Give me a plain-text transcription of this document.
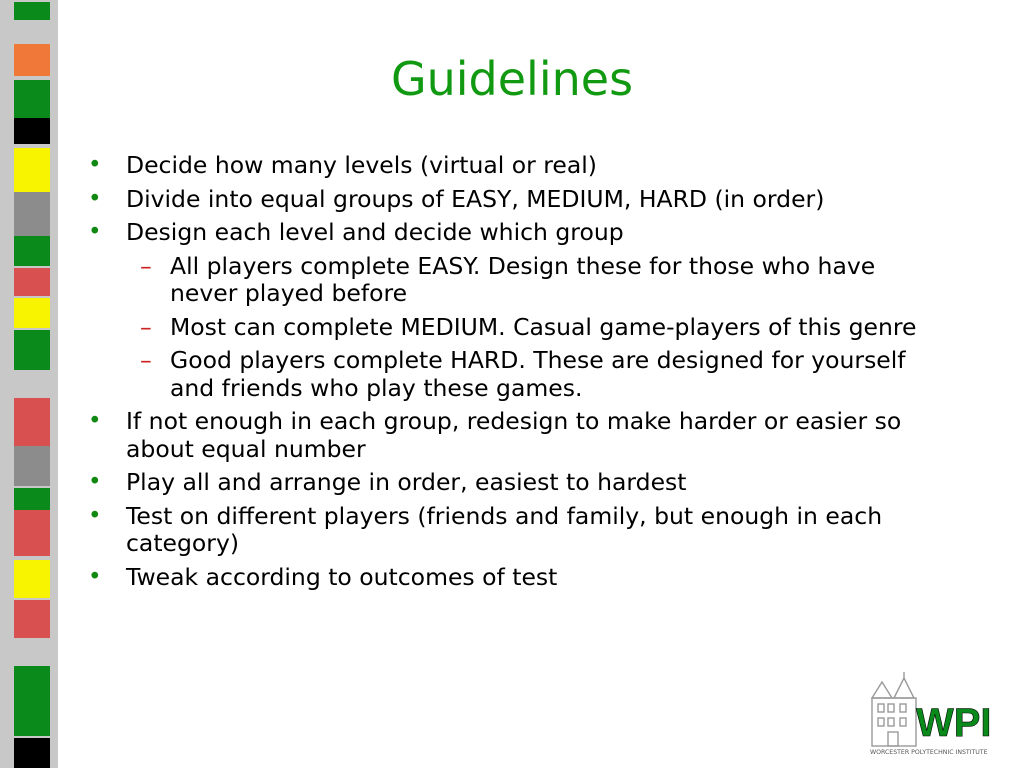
Guidelines
• Decide how many levels (virtual or real)
• Divide into equal groups of EASY, MEDIUM, HARD (in order)
• Design each level and decide which group
– All players complete EASY. Design these for those who have never played before
– Most can complete MEDIUM. Casual game-players of this genre
– Good players complete HARD. These are designed for yourself and friends who play these games.
• If not enough in each group, redesign to make harder or easier so about equal number
• Play all and arrange in order, easiest to hardest
• Test on different players (friends and family, but enough in each category)
• Tweak according to outcomes of test
WPI
WORCESTER POLYTECHNIC INSTITUTE
